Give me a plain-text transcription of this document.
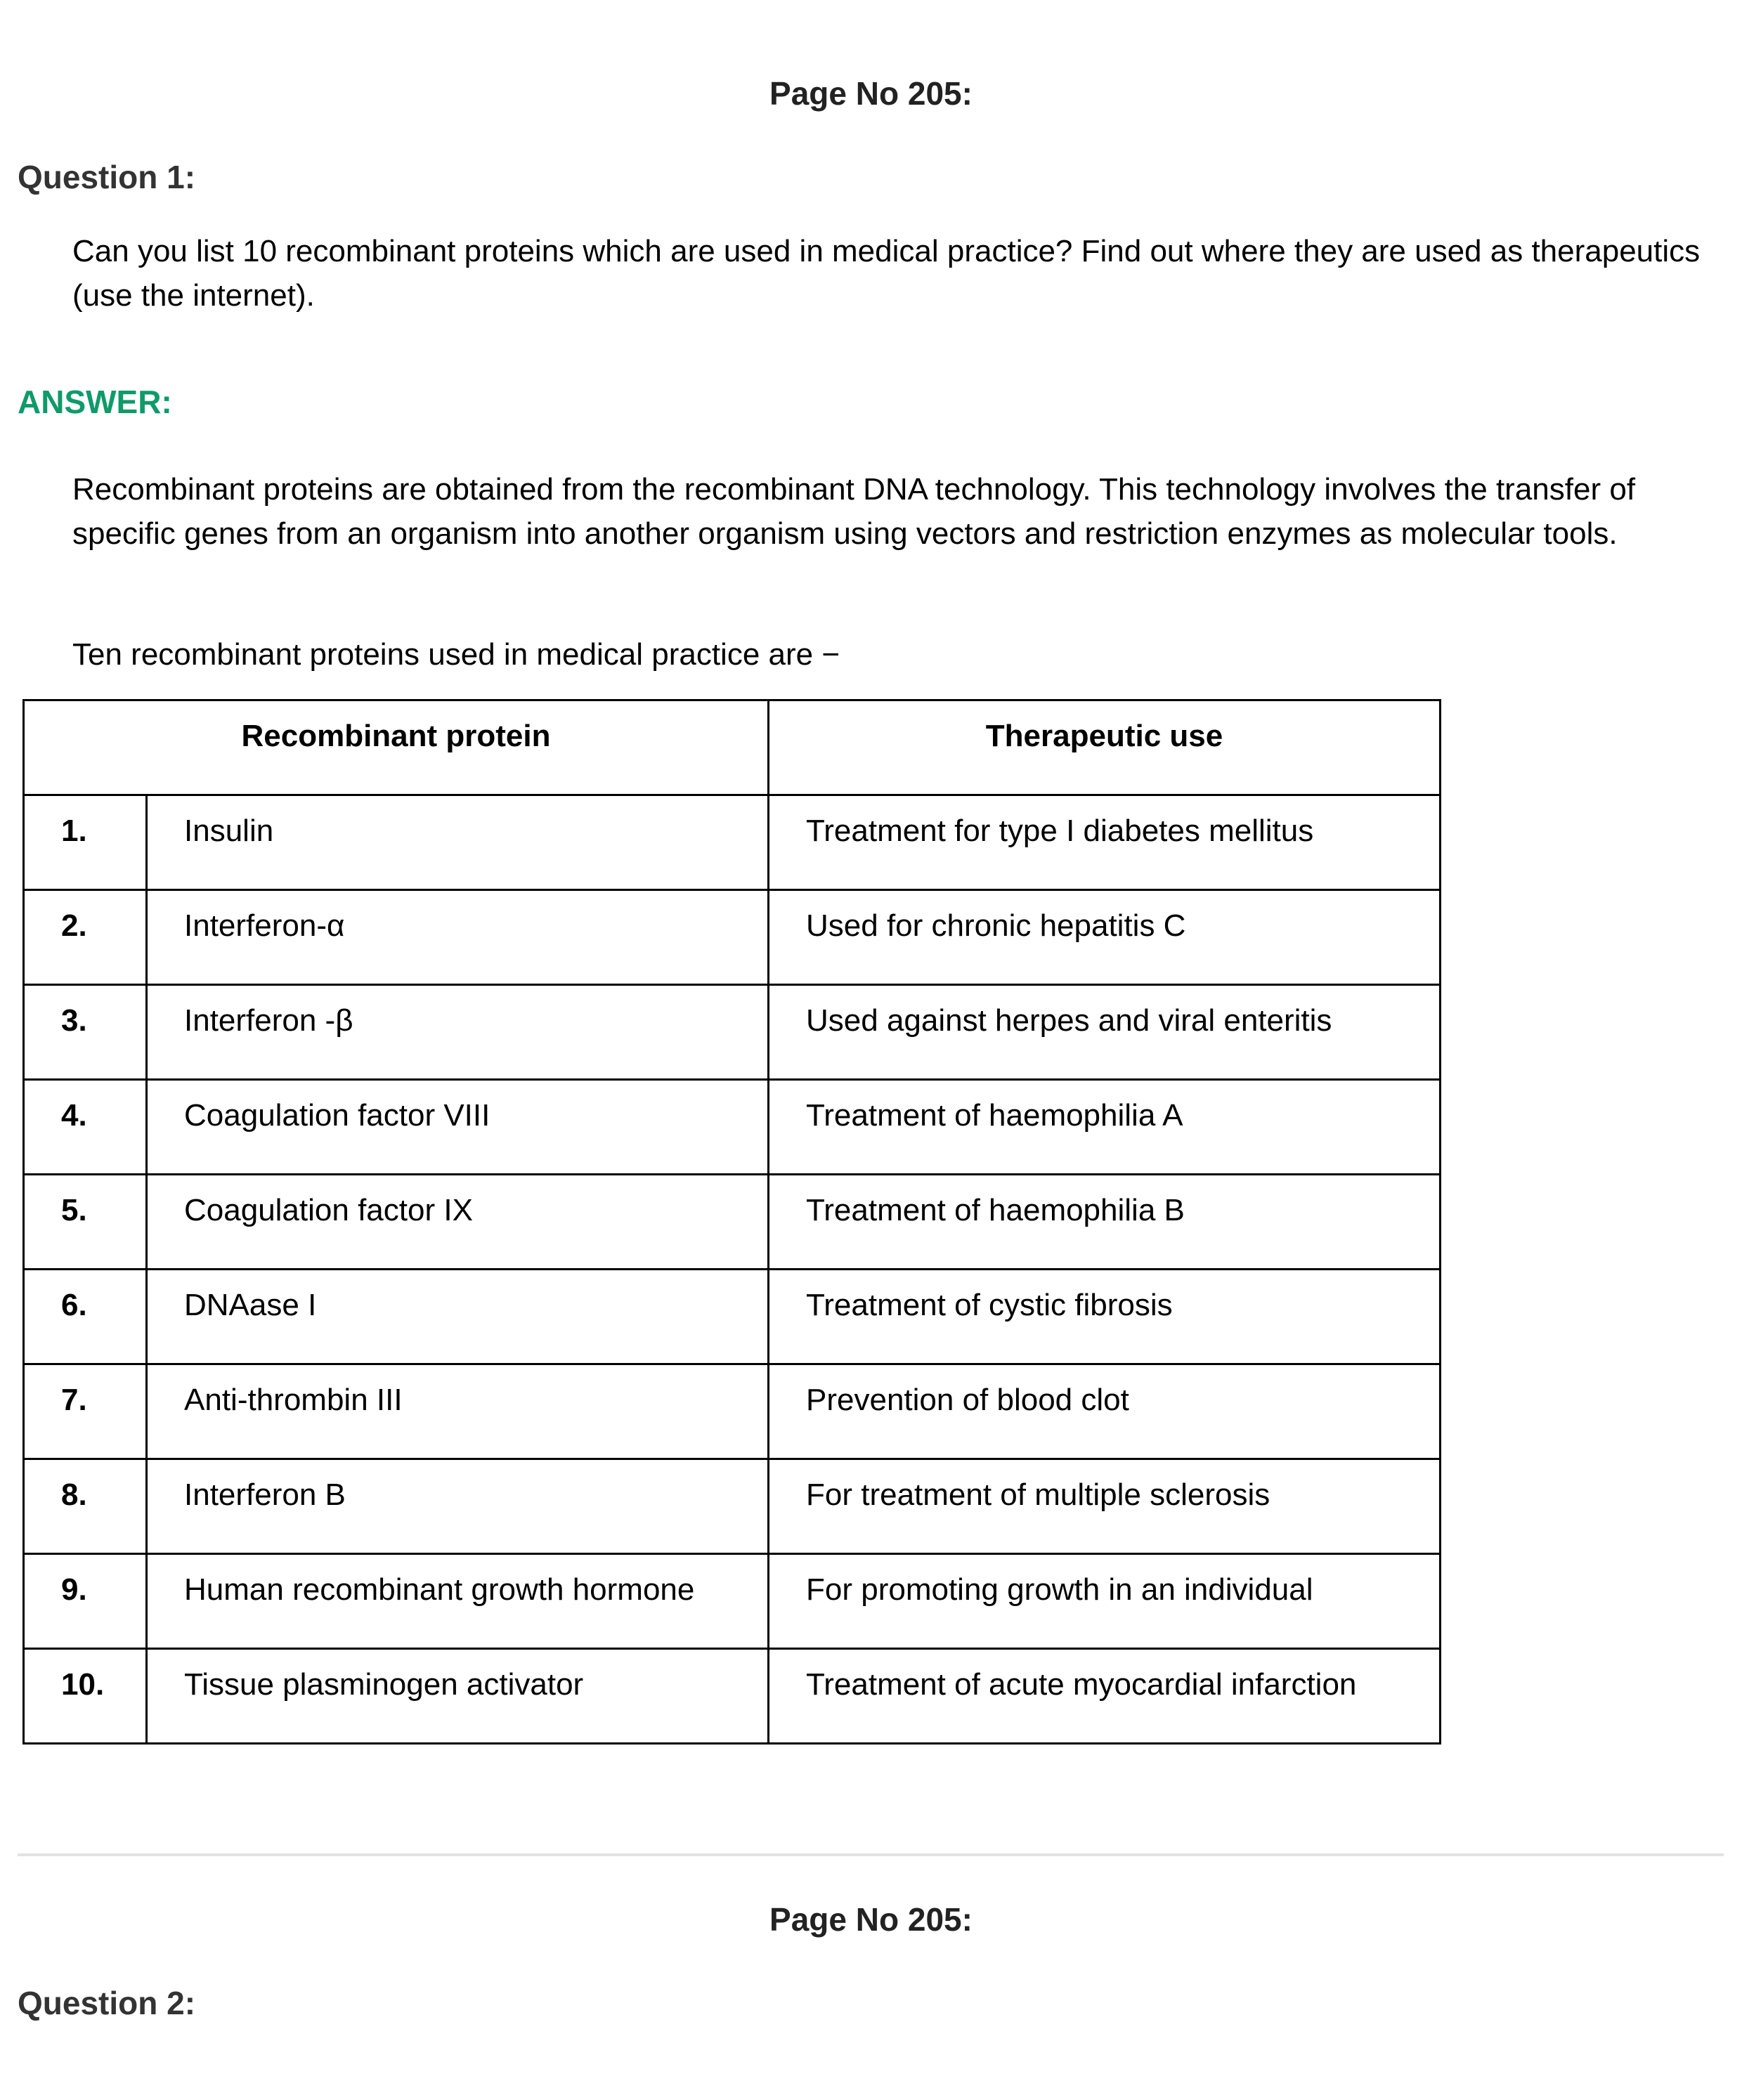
Page No 205:
Question 1:
Can you list 10 recombinant proteins which are used in medical practice? Find out where they are used as therapeutics (use the internet).
ANSWER:
Recombinant proteins are obtained from the recombinant DNA technology. This technology involves the transfer of specific genes from an organism into another organism using vectors and restriction enzymes as molecular tools.
Ten recombinant proteins used in medical practice are −
Recombinant protein		Therapeutic use
1.	Insulin	Treatment for type I diabetes mellitus
2.	Interferon-α	Used for chronic hepatitis C
3.	Interferon -β	Used against herpes and viral enteritis
4.	Coagulation factor VIII	Treatment of haemophilia A
5.	Coagulation factor IX	Treatment of haemophilia B
6.	DNAase I	Treatment of cystic fibrosis
7.	Anti-thrombin III	Prevention of blood clot
8.	Interferon B	For treatment of multiple sclerosis
9.	Human recombinant growth hormone	For promoting growth in an individual
10.	Tissue plasminogen activator	Treatment of acute myocardial infarction
Page No 205:
Question 2:
